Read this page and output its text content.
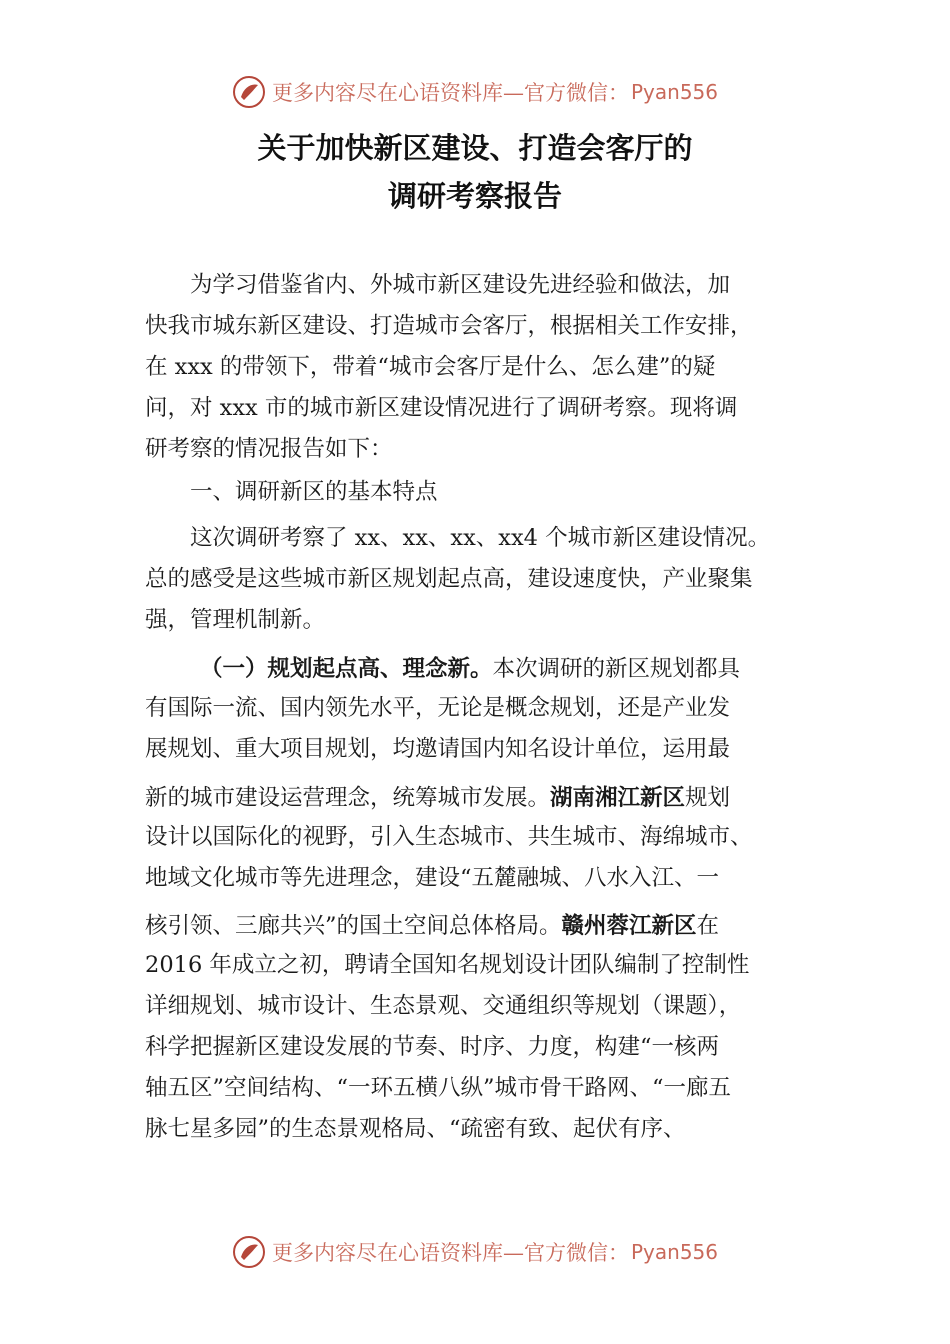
更多内容尽在心语资料库—官方微信： Pyan556
关于加快新区建设、打造会客厅的
调研考察报告
　　为学习借鉴省内、外城市新区建设先进经验和做法，加
快我市城东新区建设、打造城市会客厅，根据相关工作安排，
在 xxx 的带领下，带着“城市会客厅是什么、怎么建”的疑
问，对 xxx 市的城市新区建设情况进行了调研考察。现将调
研考察的情况报告如下：
　　一、调研新区的基本特点
　　这次调研考察了 xx、xx、xx、xx4 个城市新区建设情况。
总的感受是这些城市新区规划起点高，建设速度快，产业聚集
强，管理机制新。
（一）规划起点高、理念新。本次调研的新区规划都具
有国际一流、国内领先水平，无论是概念规划，还是产业发
展规划、重大项目规划，均邀请国内知名设计单位，运用最
新的城市建设运营理念，统筹城市发展。湖南湘江新区规划
设计以国际化的视野，引入生态城市、共生城市、海绵城市、
地域文化城市等先进理念，建设“五麓融城、八水入江、一
核引领、三廊共兴”的国土空间总体格局。赣州蓉江新区在
2016 年成立之初，聘请全国知名规划设计团队编制了控制性
详细规划、城市设计、生态景观、交通组织等规划（课题），
科学把握新区建设发展的节奏、时序、力度，构建“一核两
轴五区”空间结构、“一环五横八纵”城市骨干路网、“一廊五
脉七星多园”的生态景观格局、“疏密有致、起伏有序、
更多内容尽在心语资料库—官方微信： Pyan556
